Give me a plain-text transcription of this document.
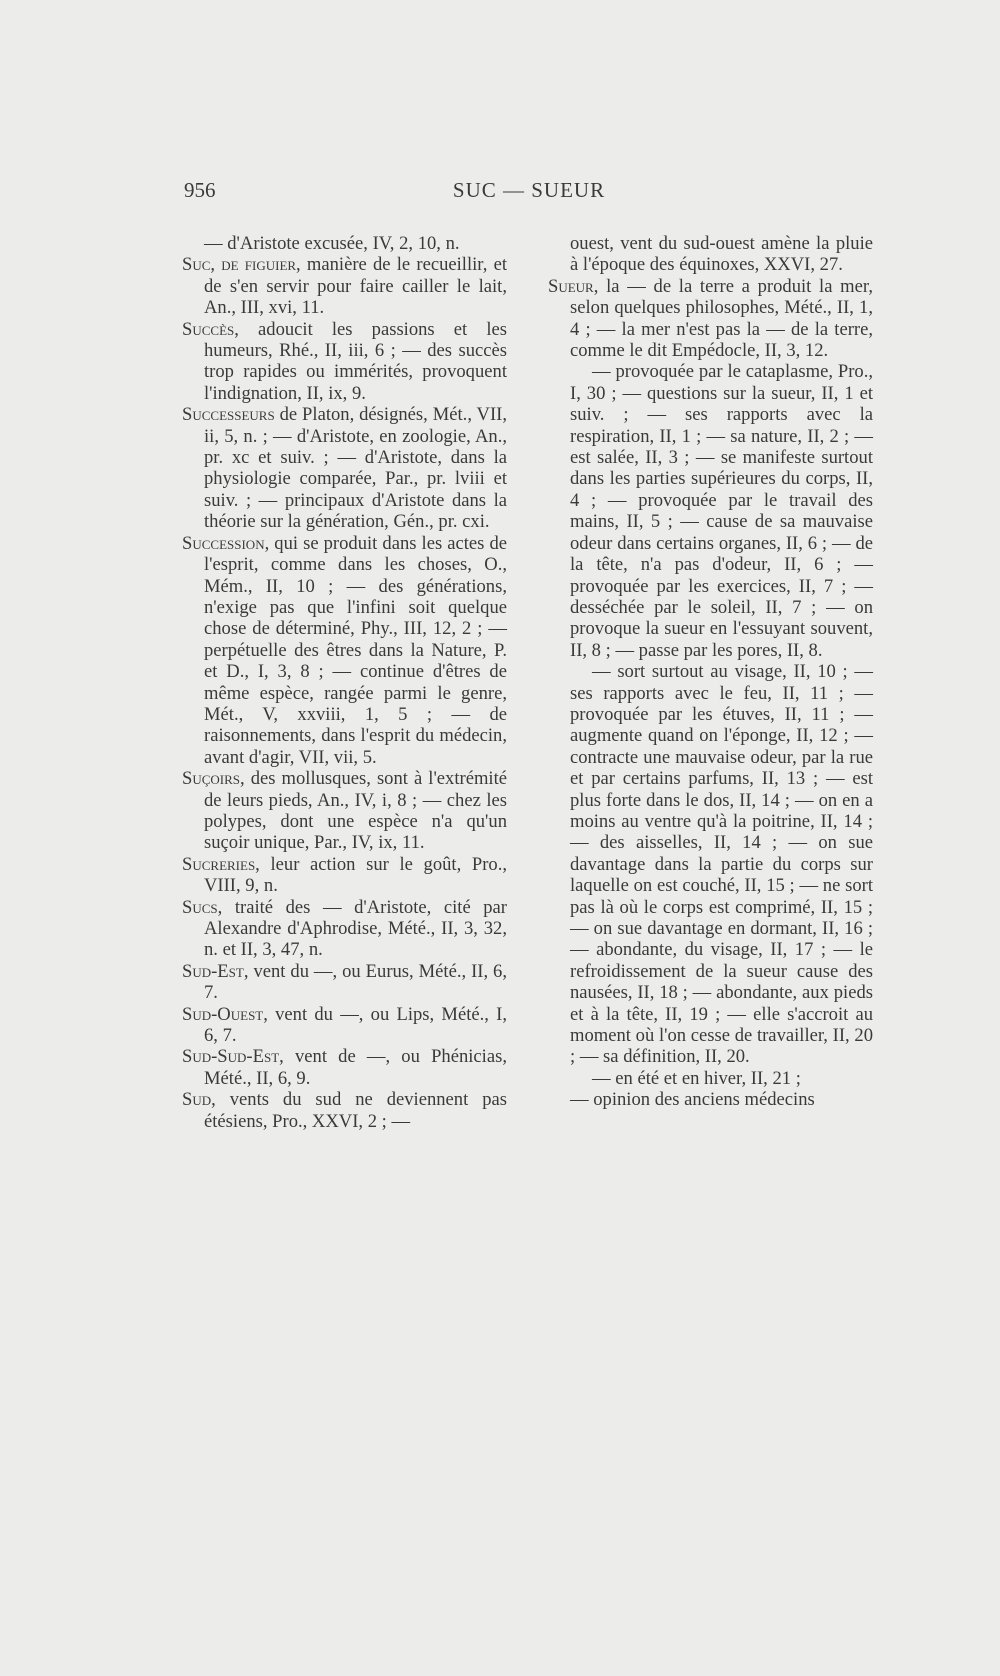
956	SUC — SUEUR

— d'Aristote excusée, IV, 2, 10, n.

Suc, de figuier, manière de le recueillir, et de s'en servir pour faire cailler le lait, An., III, xvi, 11.

Succès, adoucit les passions et les humeurs, Rhé., II, iii, 6 ; — des succès trop rapides ou immérités, provoquent l'indignation, II, ix, 9.

Successeurs de Platon, désignés, Mét., VII, ii, 5, n. ; — d'Aristote, en zoologie, An., pr. xc et suiv. ; — d'Aristote, dans la physiologie comparée, Par., pr. lviii et suiv. ; — principaux d'Aristote dans la théorie sur la génération, Gén., pr. cxi.

Succession, qui se produit dans les actes de l'esprit, comme dans les choses, O., Mém., II, 10 ; — des générations, n'exige pas que l'infini soit quelque chose de déterminé, Phy., III, 12, 2 ; — perpétuelle des êtres dans la Nature, P. et D., I, 3, 8 ; — continue d'êtres de même espèce, rangée parmi le genre, Mét., V, xxviii, 1, 5 ; — de raisonnements, dans l'esprit du médecin, avant d'agir, VII, vii, 5.

Suçoirs, des mollusques, sont à l'extrémité de leurs pieds, An., IV, i, 8 ; — chez les polypes, dont une espèce n'a qu'un suçoir unique, Par., IV, ix, 11.

Sucreries, leur action sur le goût, Pro., VIII, 9, n.

Sucs, traité des — d'Aristote, cité par Alexandre d'Aphrodise, Mété., II, 3, 32, n. et II, 3, 47, n.

Sud-Est, vent du —, ou Eurus, Mété., II, 6, 7.

Sud-Ouest, vent du —, ou Lips, Mété., I, 6, 7.

Sud-Sud-Est, vent de —, ou Phénicias, Mété., II, 6, 9.

Sud, vents du sud ne deviennent pas étésiens, Pro., XXVI, 2 ; —

ouest, vent du sud-ouest amène la pluie à l'époque des équinoxes, XXVI, 27.

Sueur, la — de la terre a produit la mer, selon quelques philosophes, Mété., II, 1, 4 ; — la mer n'est pas la — de la terre, comme le dit Empédocle, II, 3, 12.

— provoquée par le cataplasme, Pro., I, 30 ; — questions sur la sueur, II, 1 et suiv. ; — ses rapports avec la respiration, II, 1 ; — sa nature, II, 2 ; — est salée, II, 3 ; — se manifeste surtout dans les parties supérieures du corps, II, 4 ; — provoquée par le travail des mains, II, 5 ; — cause de sa mauvaise odeur dans certains organes, II, 6 ; — de la tête, n'a pas d'odeur, II, 6 ; — provoquée par les exercices, II, 7 ; — desséchée par le soleil, II, 7 ; — on provoque la sueur en l'essuyant souvent, II, 8 ; — passe par les pores, II, 8.

— sort surtout au visage, II, 10 ; — ses rapports avec le feu, II, 11 ; — provoquée par les étuves, II, 11 ; — augmente quand on l'éponge, II, 12 ; — contracte une mauvaise odeur, par la rue et par certains parfums, II, 13 ; — est plus forte dans le dos, II, 14 ; — on en a moins au ventre qu'à la poitrine, II, 14 ; — des aisselles, II, 14 ; — on sue davantage dans la partie du corps sur laquelle on est couché, II, 15 ; — ne sort pas là où le corps est comprimé, II, 15 ; — on sue davantage en dormant, II, 16 ; — abondante, du visage, II, 17 ; — le refroidissement de la sueur cause des nausées, II, 18 ; — abondante, aux pieds et à la tête, II, 19 ; — elle s'accroit au moment où l'on cesse de travailler, II, 20 ; — sa définition, II, 20.

— en été et en hiver, II, 21 ;

— opinion des anciens médecins
